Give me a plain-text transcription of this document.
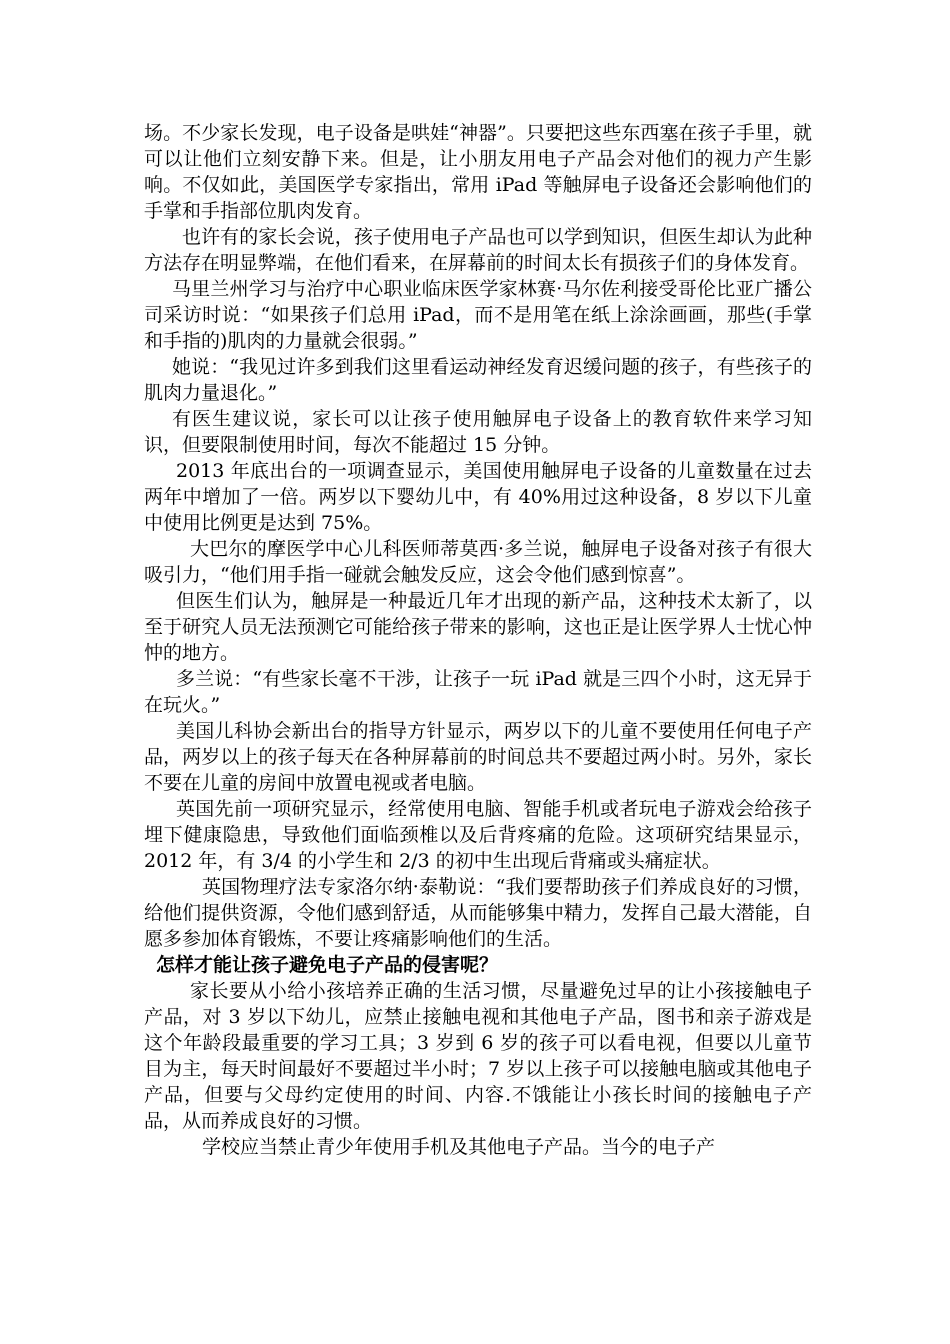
场。不少家长发现，电子设备是哄娃“神器”。只要把这些东西塞在孩子手里，就可以让他们立刻安静下来。但是，让小朋友用电子产品会对他们的视力产生影响。不仅如此，美国医学专家指出，常用 iPad 等触屏电子设备还会影响他们的手掌和手指部位肌肉发育。

也许有的家长会说，孩子使用电子产品也可以学到知识，但医生却认为此种方法存在明显弊端，在他们看来，在屏幕前的时间太长有损孩子们的身体发育。

马里兰州学习与治疗中心职业临床医学家林赛·马尔佐利接受哥伦比亚广播公司采访时说：“如果孩子们总用 iPad，而不是用笔在纸上涂涂画画，那些(手掌和手指的)肌肉的力量就会很弱。”

她说：“我见过许多到我们这里看运动神经发育迟缓问题的孩子，有些孩子的肌肉力量退化。”

有医生建议说，家长可以让孩子使用触屏电子设备上的教育软件来学习知识，但要限制使用时间，每次不能超过 15 分钟。

2013 年底出台的一项调查显示，美国使用触屏电子设备的儿童数量在过去两年中增加了一倍。两岁以下婴幼儿中，有 40%用过这种设备，8 岁以下儿童中使用比例更是达到 75%。

大巴尔的摩医学中心儿科医师蒂莫西·多兰说，触屏电子设备对孩子有很大吸引力，“他们用手指一碰就会触发反应，这会令他们感到惊喜”。

但医生们认为，触屏是一种最近几年才出现的新产品，这种技术太新了，以至于研究人员无法预测它可能给孩子带来的影响，这也正是让医学界人士忧心忡忡的地方。

多兰说：“有些家长毫不干涉，让孩子一玩 iPad 就是三四个小时，这无异于在玩火。”

美国儿科协会新出台的指导方针显示，两岁以下的儿童不要使用任何电子产品，两岁以上的孩子每天在各种屏幕前的时间总共不要超过两小时。另外，家长不要在儿童的房间中放置电视或者电脑。

英国先前一项研究显示，经常使用电脑、智能手机或者玩电子游戏会给孩子埋下健康隐患，导致他们面临颈椎以及后背疼痛的危险。这项研究结果显示，2012 年，有 3/4 的小学生和 2/3 的初中生出现后背痛或头痛症状。

英国物理疗法专家洛尔纳·泰勒说：“我们要帮助孩子们养成良好的习惯，给他们提供资源，令他们感到舒适，从而能够集中精力，发挥自己最大潜能，自愿多参加体育锻炼，不要让疼痛影响他们的生活。

怎样才能让孩子避免电子产品的侵害呢？

家长要从小给小孩培养正确的生活习惯，尽量避免过早的让小孩接触电子产品，对 3 岁以下幼儿，应禁止接触电视和其他电子产品，图书和亲子游戏是这个年龄段最重要的学习工具；3 岁到 6 岁的孩子可以看电视，但要以儿童节目为主，每天时间最好不要超过半小时；7 岁以上孩子可以接触电脑或其他电子产品，但要与父母约定使用的时间、内容.不饿能让小孩长时间的接触电子产品，从而养成良好的习惯。

学校应当禁止青少年使用手机及其他电子产品。当今的电子产
